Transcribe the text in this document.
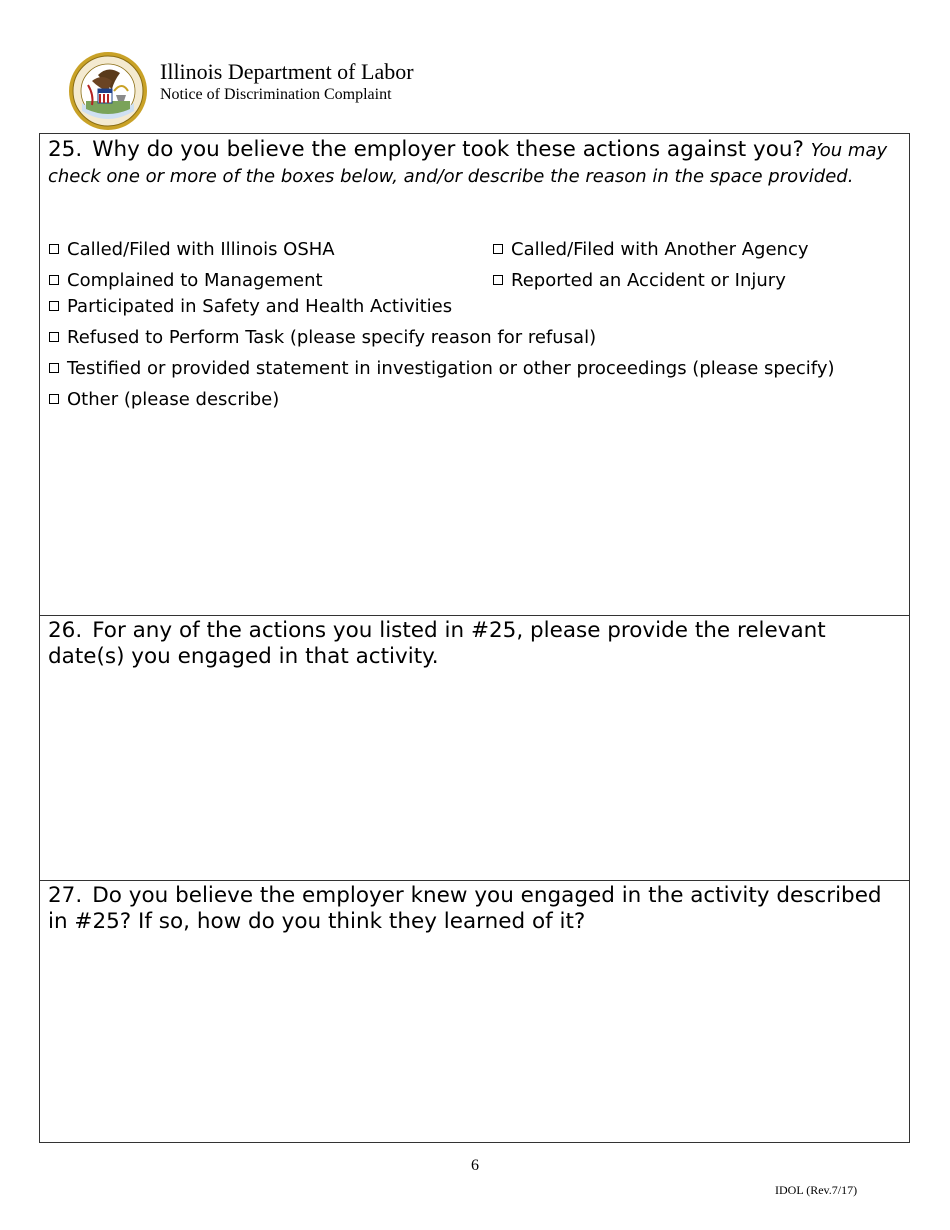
Illinois Department of Labor
Notice of Discrimination Complaint
25. Why do you believe the employer took these actions against you? You may check one or more of the boxes below, and/or describe the reason in the space provided.
Called/Filed with Illinois OSHA	Called/Filed with Another Agency
Complained to Management	Reported an Accident or Injury
Participated in Safety and Health Activities
Refused to Perform Task (please specify reason for refusal)
Testified or provided statement in investigation or other proceedings (please specify)
Other (please describe)
26. For any of the actions you listed in #25, please provide the relevant date(s) you engaged in that activity.
27. Do you believe the employer knew you engaged in the activity described in #25? If so, how do you think they learned of it?
6
IDOL (Rev.7/17)
